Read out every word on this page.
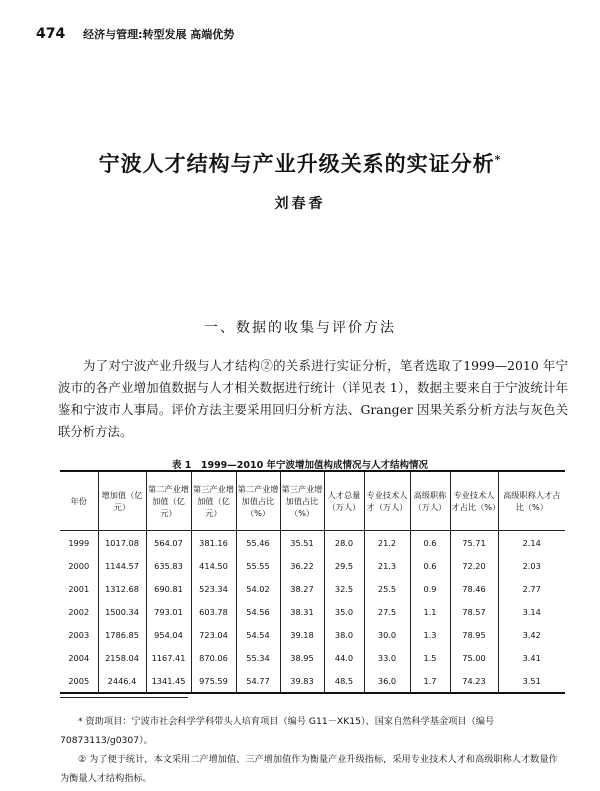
474 经济与管理:转型发展 高端优势
宁波人才结构与产业升级关系的实证分析*
刘春香
一、数据的收集与评价方法

为了对宁波产业升级与人才结构②的关系进行实证分析，笔者选取了1999—2010 年宁波市的各产业增加值数据与人才相关数据进行统计（详见表 1），数据主要来自于宁波统计年鉴和宁波市人事局。评价方法主要采用回归分析方法、Granger 因果关系分析方法与灰色关联分析方法。

表 1　1999—2010 年宁波增加值构成情况与人才结构情况
年份	增加值（亿元）	第二产业增加值（亿元）	第三产业增加值（亿元）	第二产业增加值占比（%）	第三产业增加值占比（%）	人才总量（万人）	专业技术人才（万人）	高级职称（万人）	专业技术人才占比（%）	高级职称人才占比（%）
1999	1017.08	564.07	381.16	55.46	35.51	28.0	21.2	0.6	75.71	2.14
2000	1144.57	635.83	414.50	55.55	36.22	29.5	21.3	0.6	72.20	2.03
2001	1312.68	690.81	523.34	54.02	38.27	32.5	25.5	0.9	78.46	2.77
2002	1500.34	793.01	603.78	54.56	38.31	35.0	27.5	1.1	78.57	3.14
2003	1786.85	954.04	723.04	54.54	39.18	38.0	30.0	1.3	78.95	3.42
2004	2158.04	1167.41	870.06	55.34	38.95	44.0	33.0	1.5	75.00	3.41
2005	2446.4	1341.45	975.59	54.77	39.83	48.5	36.0	1.7	74.23	3.51

* 资助项目：宁波市社会科学学科带头人培育项目（编号 G11－XK15）、国家自然科学基金项目（编号 70873113/g0307）。

② 为了便于统计，本文采用二产增加值、三产增加值作为衡量产业升级指标，采用专业技术人才和高级职称人才数量作为衡量人才结构指标。
